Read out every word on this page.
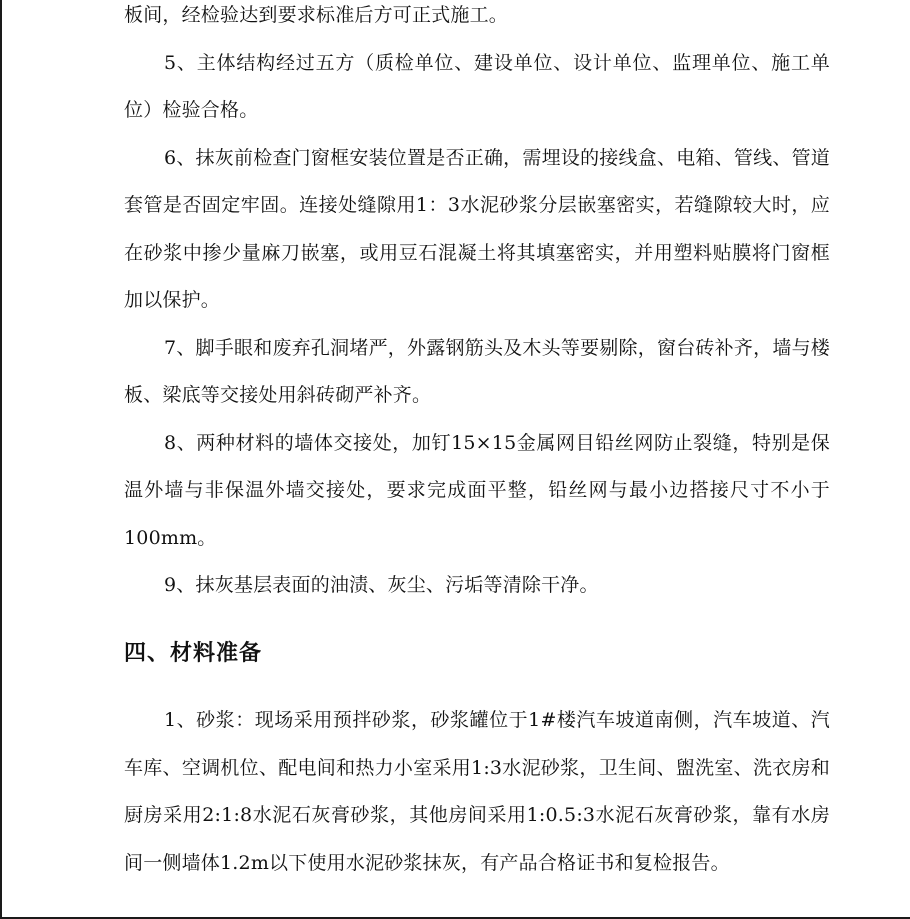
板间，经检验达到要求标准后方可正式施工。

5、主体结构经过五方（质检单位、建设单位、设计单位、监理单位、施工单位）检验合格。

6、抹灰前检查门窗框安装位置是否正确，需埋设的接线盒、电箱、管线、管道套管是否固定牢固。连接处缝隙用1：3水泥砂浆分层嵌塞密实，若缝隙较大时，应在砂浆中掺少量麻刀嵌塞，或用豆石混凝土将其填塞密实，并用塑料贴膜将门窗框加以保护。

7、脚手眼和废弃孔洞堵严，外露钢筋头及木头等要剔除，窗台砖补齐，墙与楼板、梁底等交接处用斜砖砌严补齐。

8、两种材料的墙体交接处，加钉15×15金属网目铅丝网防止裂缝，特别是保温外墙与非保温外墙交接处，要求完成面平整，铅丝网与最小边搭接尺寸不小于100mm。

9、抹灰基层表面的油渍、灰尘、污垢等清除干净。

四、材料准备

1、砂浆：现场采用预拌砂浆，砂浆罐位于1#楼汽车坡道南侧，汽车坡道、汽车库、空调机位、配电间和热力小室采用1:3水泥砂浆，卫生间、盥洗室、洗衣房和厨房采用2:1:8水泥石灰膏砂浆，其他房间采用1:0.5:3水泥石灰膏砂浆，靠有水房间一侧墙体1.2m以下使用水泥砂浆抹灰，有产品合格证书和复检报告。
